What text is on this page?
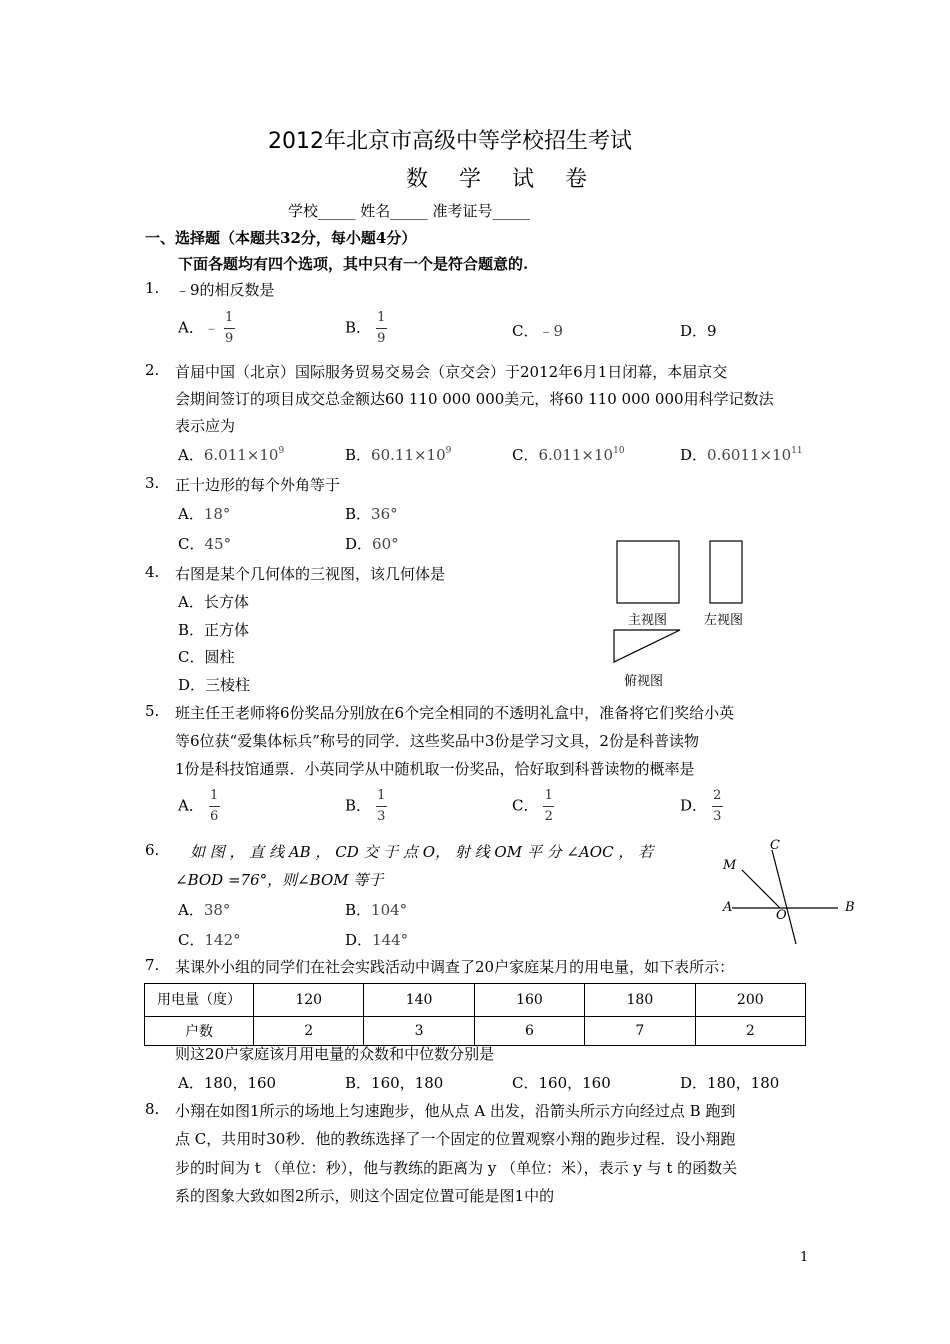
2012年北京市高级中等学校招生考试
数 学 试 卷
学校_____ 姓名_____ 准考证号_____
一、选择题（本题共32分，每小题4分）
下面各题均有四个选项，其中只有一个是符合题意的.
1. ﹣9的相反数是
A．﹣ $\frac{1}{9}$	B． $\frac{1}{9}$	C．﹣9	D．9
2. 首届中国（北京）国际服务贸易交易会（京交会）于2012年6月1日闭幕，本届京交
会期间签订的项目成交总金额达60 110 000 000美元，将60 110 000 000用科学记数法
表示应为
A．$6.011\times 10^9$	B．$60.11\times 10^9$	C．$6.011\times 10^{10}$	D．$0.6011\times 10^{11}$
3. 正十边形的每个外角等于
A．18°	B．36°
C．45°	D．60°
4. 右图是某个几何体的三视图，该几何体是
A．长方体
B．正方体
C．圆柱
D．三棱柱
主视图	左视图
俯视图
5. 班主任王老师将6份奖品分别放在6个完全相同的不透明礼盒中，准备将它们奖给小英
等6位获“爱集体标兵”称号的同学．这些奖品中3份是学习文具，2份是科普读物
1份是科技馆通票．小英同学从中随机取一份奖品，恰好取到科普读物的概率是
A． $\frac{1}{6}$	B． $\frac{1}{3}$	C． $\frac{1}{2}$	D． $\frac{2}{3}$
6. 如 图 ， 直 线 AB ， CD 交 于 点 O， 射 线 OM 平 分 ∠AOC ， 若
∠BOD =76°，则∠BOM 等于
A．38°	B．104°
C．142°	D．144°
C
M
A
O
B
7. 某课外小组的同学们在社会实践活动中调查了20户家庭某月的用电量，如下表所示：
用电量（度）	120	140	160	180	200
户数	2	3	6	7	2
则这20户家庭该月用电量的众数和中位数分别是
A．180，160	B．160，180	C．160，160	D．180，180
8. 小翔在如图1所示的场地上匀速跑步，他从点 A 出发，沿箭头所示方向经过点 B 跑到
点 C，共用时30秒．他的教练选择了一个固定的位置观察小翔的跑步过程．设小翔跑
步的时间为 t （单位：秒），他与教练的距离为 y （单位：米），表示 y 与 t 的函数关
系的图象大致如图2所示，则这个固定位置可能是图1中的
1
